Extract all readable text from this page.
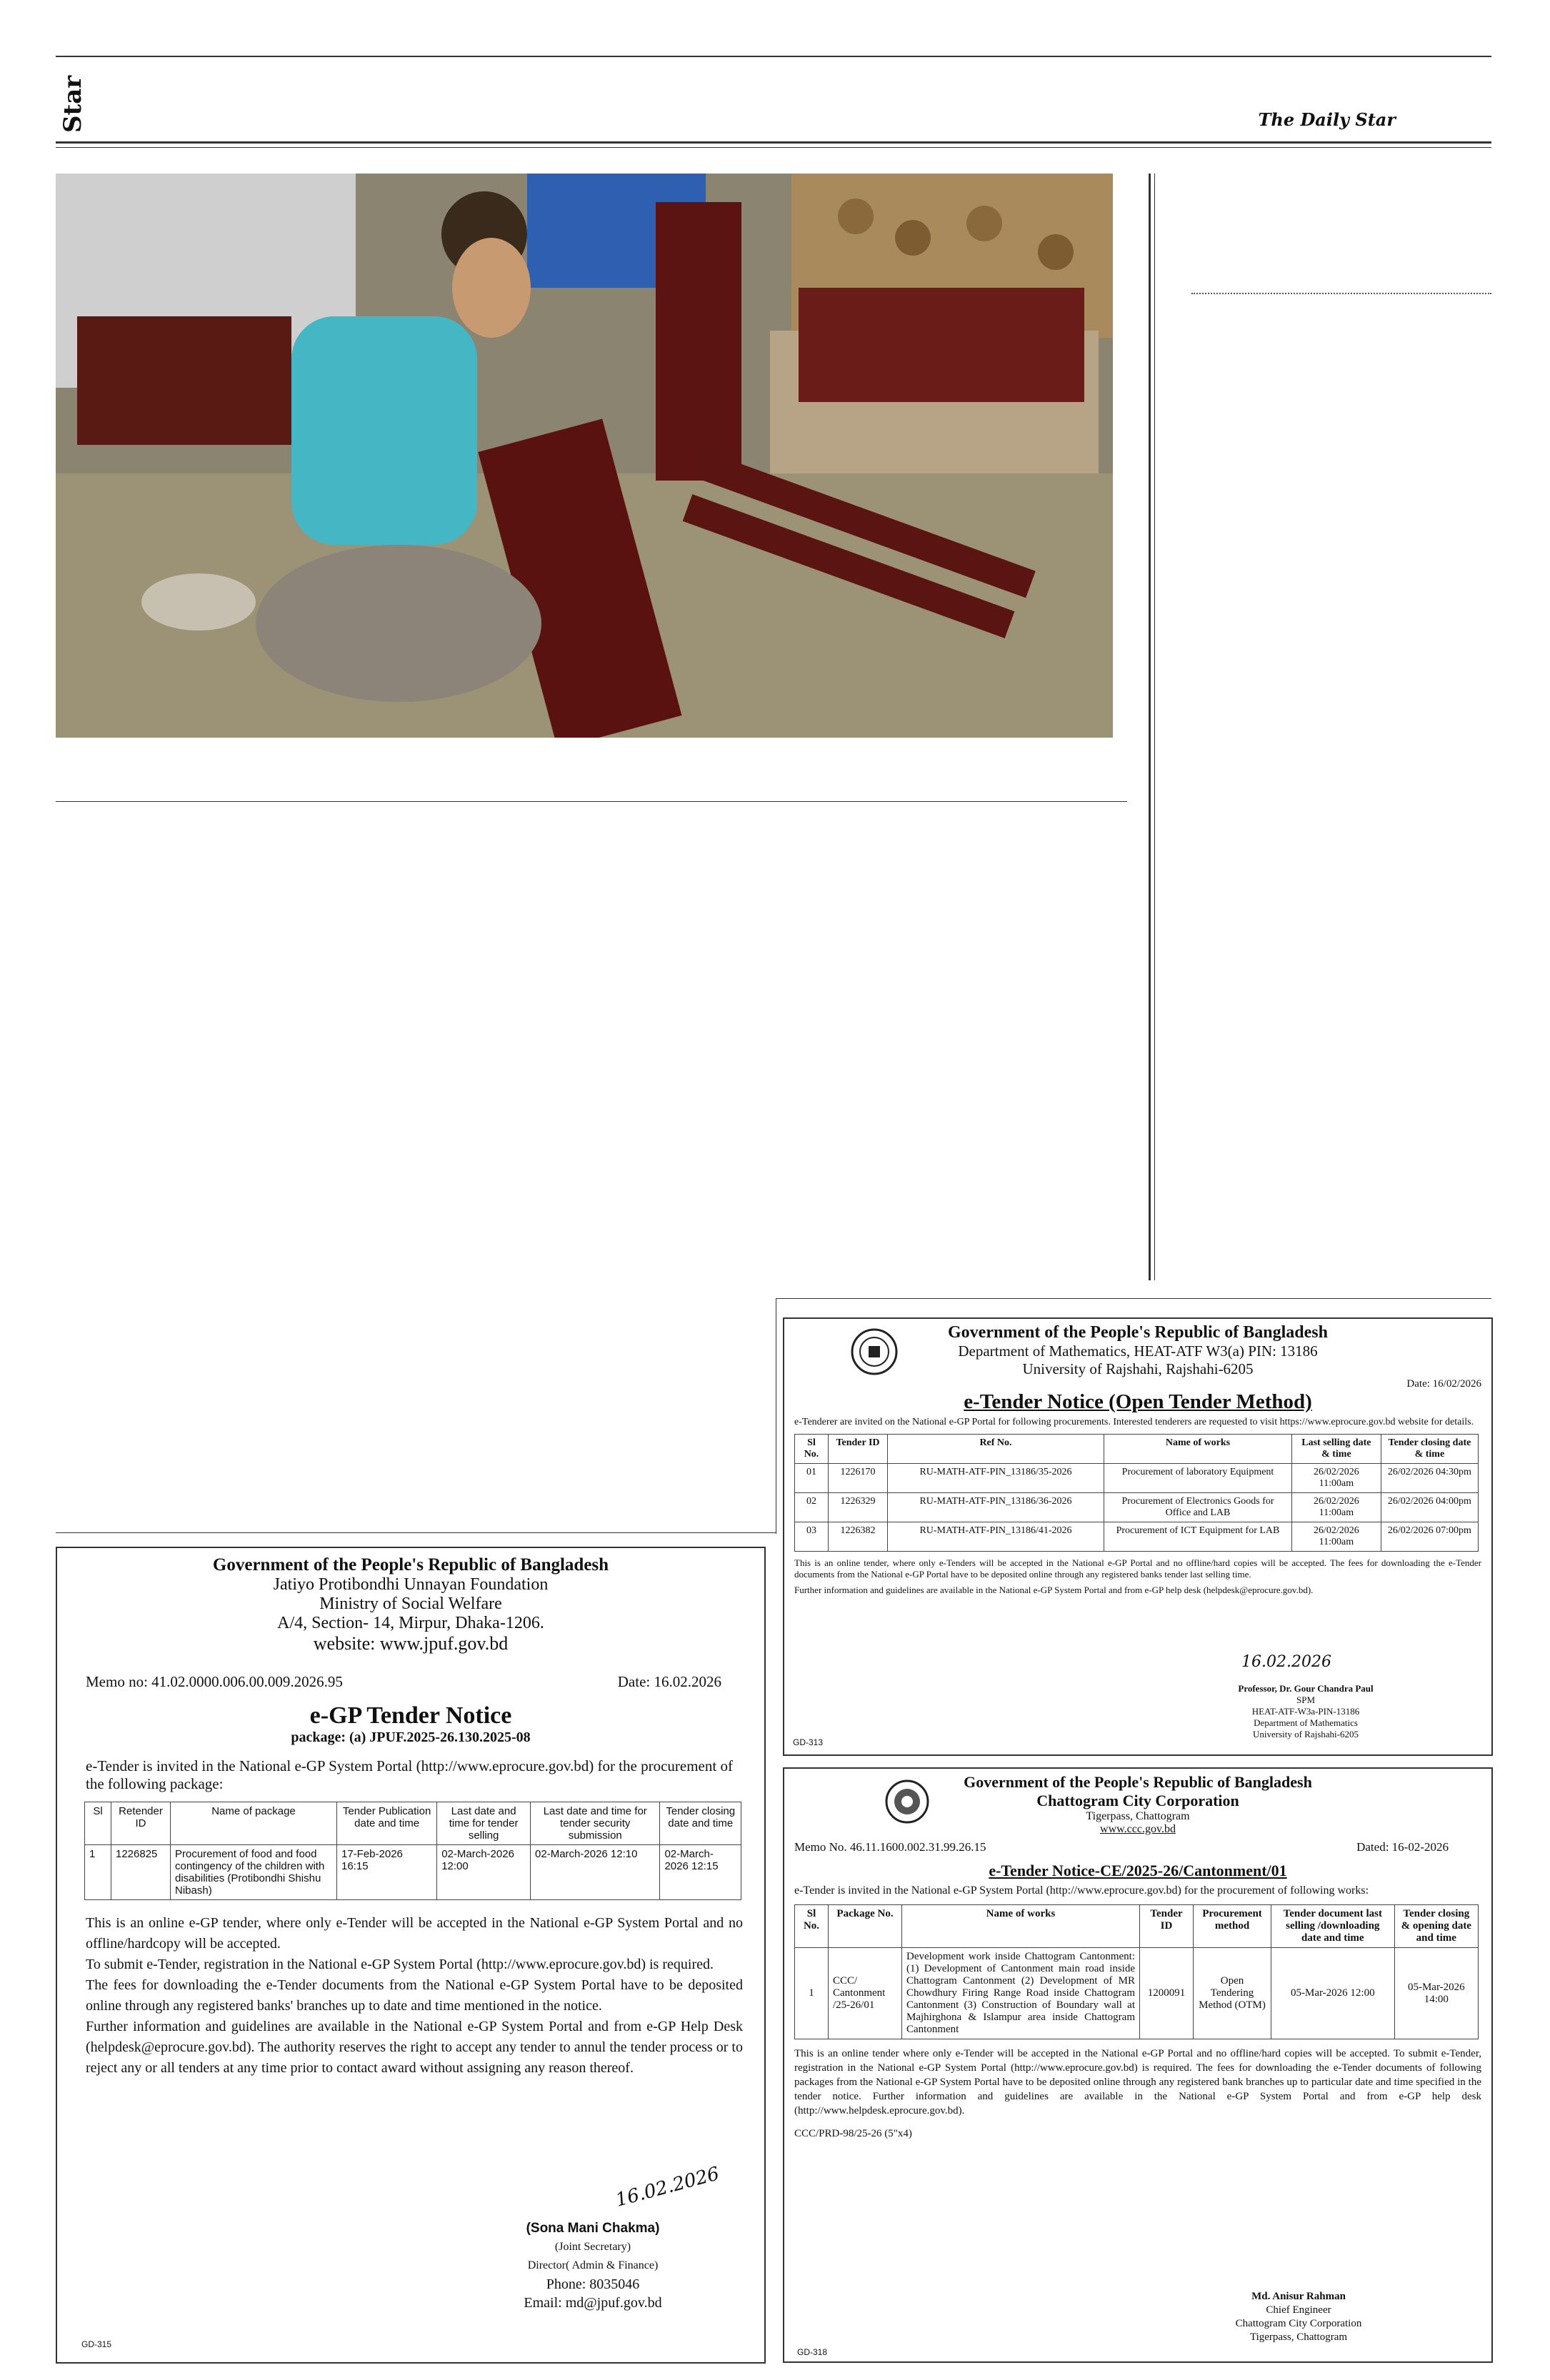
Star	The Daily Star
Government of the People's Republic of Bangladesh
Jatiyo Protibondhi Unnayan Foundation
Ministry of Social Welfare
A/4, Section- 14, Mirpur, Dhaka-1206.
website: www.jpuf.gov.bd
Memo no: 41.02.0000.006.00.009.2026.95	Date: 16.02.2026
e-GP Tender Notice
package: (a) JPUF.2025-26.130.2025-08
e-Tender is invited in the National e-GP System Portal (http://www.eprocure.gov.bd) for the procurement of the following package:
Sl	Retender ID	Name of package	Tender Publication date and time	Last date and time for tender selling	Last date and time for tender security submission	Tender closing date and time
1	1226825	Procurement of food and food contingency of the children with disabilities (Protibondhi Shishu Nibash)	17-Feb-2026 16:15	02-March-2026 12:00	02-March-2026 12:10	02-March-2026 12:15
This is an online e-GP tender, where only e-Tender will be accepted in the National e-GP System Portal and no offline/hardcopy will be accepted.
To submit e-Tender, registration in the National e-GP System Portal (http://www.eprocure.gov.bd) is required.
The fees for downloading the e-Tender documents from the National e-GP System Portal have to be deposited online through any registered banks' branches up to date and time mentioned in the notice.
Further information and guidelines are available in the National e-GP System Portal and from e-GP Help Desk (helpdesk@eprocure.gov.bd). The authority reserves the right to accept any tender to annul the tender process or to reject any or all tenders at any time prior to contact award without assigning any reason thereof.
16.02.2026
(Sona Mani Chakma)
(Joint Secretary)
Director( Admin & Finance)
Phone: 8035046
Email: md@jpuf.gov.bd
GD-315
Government of the People's Republic of Bangladesh
Department of Mathematics, HEAT-ATF W3(a) PIN: 13186
University of Rajshahi, Rajshahi-6205
Date: 16/02/2026
e-Tender Notice (Open Tender Method)
e-Tenderer are invited on the National e-GP Portal for following procurements. Interested tenderers are requested to visit https://www.eprocure.gov.bd website for details.
Sl No.	Tender ID	Ref No.	Name of works	Last selling date & time	Tender closing date & time
01	1226170	RU-MATH-ATF-PIN_13186/35-2026	Procurement of laboratory Equipment	26/02/2026 11:00am	26/02/2026 04:30pm
02	1226329	RU-MATH-ATF-PIN_13186/36-2026	Procurement of Electronics Goods for Office and LAB	26/02/2026 11:00am	26/02/2026 04:00pm
03	1226382	RU-MATH-ATF-PIN_13186/41-2026	Procurement of ICT Equipment for LAB	26/02/2026 11:00am	26/02/2026 07:00pm
This is an online tender, where only e-Tenders will be accepted in the National e-GP Portal and no offline/hard copies will be accepted. The fees for downloading the e-Tender documents from the National e-GP Portal have to be deposited online through any registered banks tender last selling time.
Further information and guidelines are available in the National e-GP System Portal and from e-GP help desk (helpdesk@eprocure.gov.bd).
16.02.2026
Professor, Dr. Gour Chandra Paul
SPM
HEAT-ATF-W3a-PIN-13186
Department of Mathematics
University of Rajshahi-6205
GD-313
Government of the People's Republic of Bangladesh
Chattogram City Corporation
Tigerpass, Chattogram
www.ccc.gov.bd
Memo No. 46.11.1600.002.31.99.26.15	Dated: 16-02-2026
e-Tender Notice-CE/2025-26/Cantonment/01
e-Tender is invited in the National e-GP System Portal (http://www.eprocure.gov.bd) for the procurement of following works:
Sl No.	Package No.	Name of works	Tender ID	Procurement method	Tender document last selling /downloading date and time	Tender closing & opening date and time
1	CCC/ Cantonment /25-26/01	Development work inside Chattogram Cantonment: (1) Development of Cantonment main road inside Chattogram Cantonment (2) Development of MR Chowdhury Firing Range Road inside Chattogram Cantonment (3) Construction of Boundary wall at Majhirghona & Islampur area inside Chattogram Cantonment	1200091	Open Tendering Method (OTM)	05-Mar-2026 12:00	05-Mar-2026 14:00
This is an online tender where only e-Tender will be accepted in the National e-GP Portal and no offline/hard copies will be accepted. To submit e-Tender, registration in the National e-GP System Portal (http://www.eprocure.gov.bd) is required. The fees for downloading the e-Tender documents of following packages from the National e-GP System Portal have to be deposited online through any registered bank branches up to particular date and time specified in the tender notice. Further information and guidelines are available in the National e-GP System Portal and from e-GP help desk (http://www.helpdesk.eprocure.gov.bd).
CCC/PRD-98/25-26 (5"x4)
Md. Anisur Rahman
Chief Engineer
Chattogram City Corporation
Tigerpass, Chattogram
GD-318
